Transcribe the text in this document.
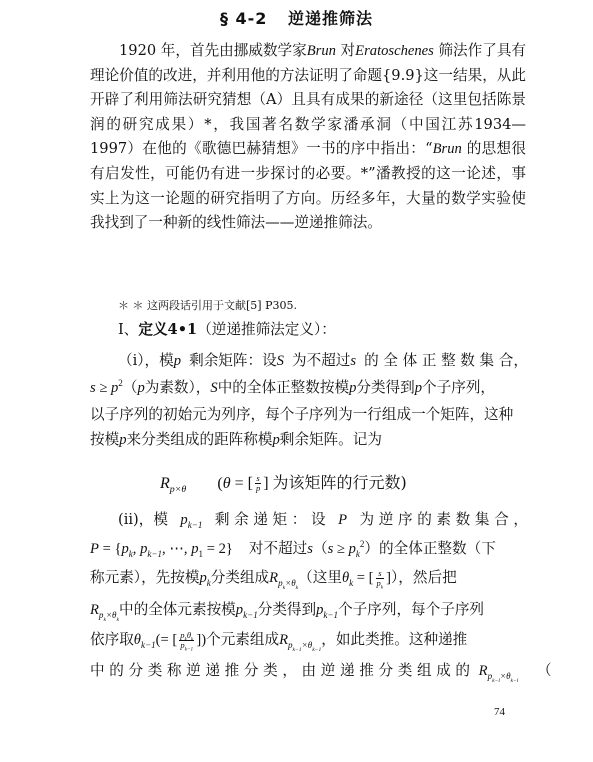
§ 4-2 逆递推筛法
1920 年，首先由挪威数学家Brun 对Eratoschenes 筛法作了具有理论价值的改进，并利用他的方法证明了命题{9.9}这一结果，从此开辟了利用筛法研究猜想（A）且具有成果的新途径（这里包括陈景润的研究成果）*，我国著名数学家潘承洞（中国江苏1934—1997）在他的《歌德巴赫猜想》一书的序中指出：“Brun 的思想很有启发性，可能仍有进一步探讨的必要。*”潘教授的这一论述，事实上为这一论题的研究指明了方向。历经多年，大量的数学实验使我找到了一种新的线性筛法——逆递推筛法。
＊ ＊ 这两段话引用于文献[5] P305.
I、定义4•1（逆递推筛法定义）：
（i），模p 剩余矩阵：设S 为不超过s 的 全 体 正 整 数 集 合，
$s \ge p^2(p$为素数），S中的全体正整数按模p分类得到p个子序列，
以子序列的初始元为列序，每个子序列为一行组成一个矩阵，这种
按模p来分类组成的距阵称模p剩余矩阵。记为
$R_{p\times\theta}$ (θ = [ $\frac{s}{p}$ ] 为该矩阵的行元数)
(ii)，模 $p_{k-1}$ 剩 余 递 矩 ： 设 P 为 逆 序 的 素 数 集 合 ，
$P = \{p_k$, $p_{k-1}$, ⋯, $p_1 = 2$} 对不超过$s(s \ge p_k^2)$的全体正整数（下
称元素），先按模$p_k$分类组成$R_{p_k\times\theta_k}$（这里$\theta_k$ = [ $\frac{s}{p_k}$ ]），然后把
$R_{p_k\times\theta_k}$中的全体元素按模$p_{k-1}$分类得到$p_{k-1}$个子序列，每个子序列
依序取$\theta_{k-1}(=$ [ $\frac{p_k\theta_k}{p_{k-1}}$ ])个元素组成$R_{p_{k-1}\times\theta_{k-1}}$，如此类推。这种递推
中 的 分 类 称 逆 递 推 分 类 ， 由 逆 递 推 分 类 组 成 的 $R_{p_{k-l}\times\theta_{k-l}}$ （
74
